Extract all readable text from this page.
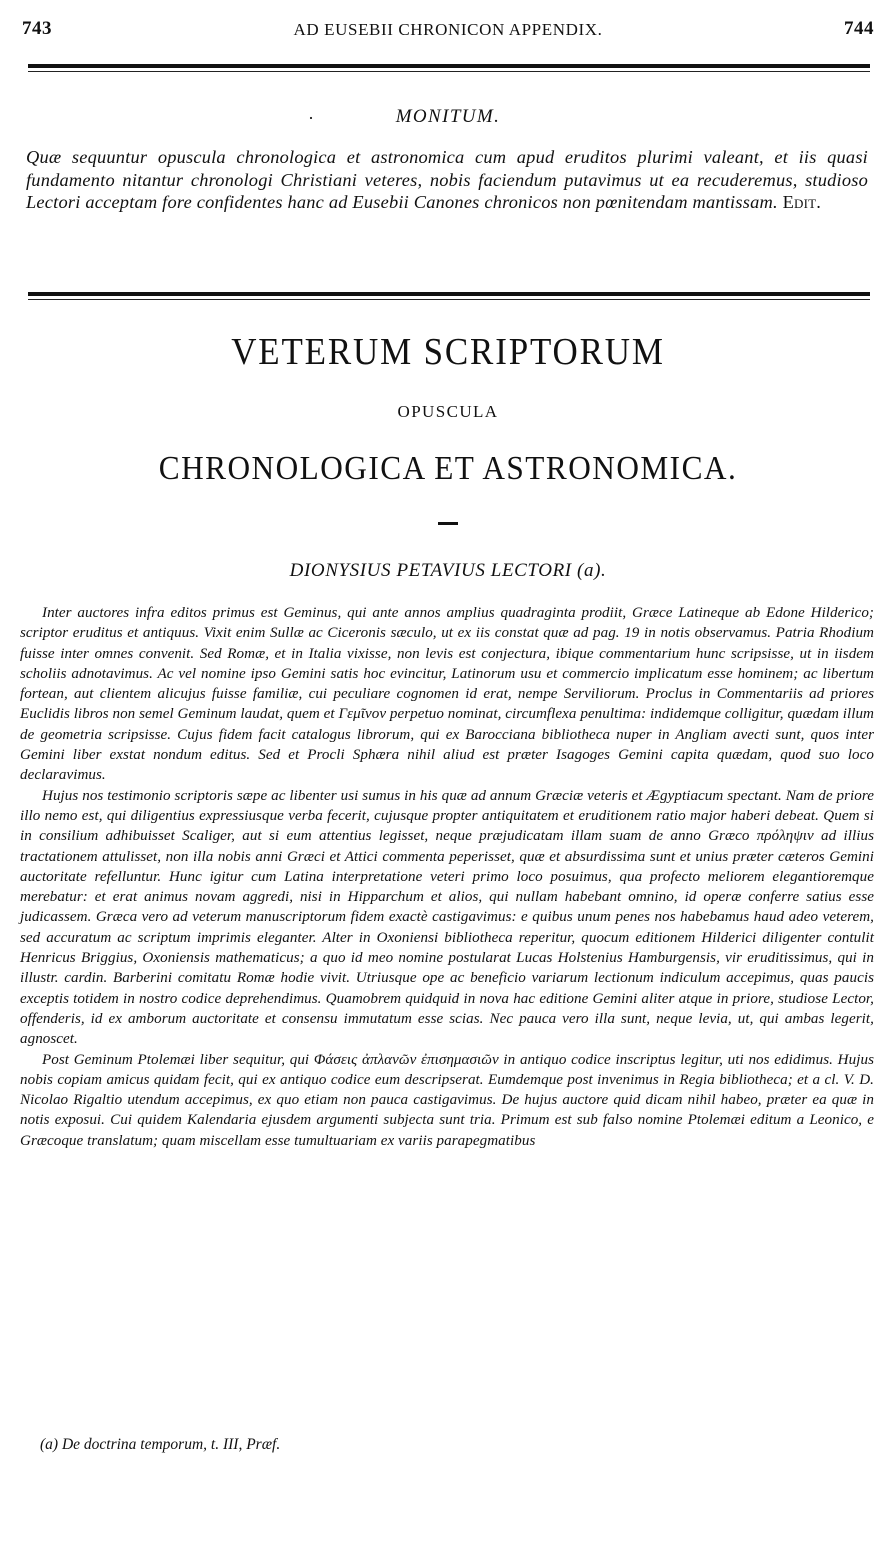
743	AD EUSEBII CHRONICON APPENDIX.	744
·	MONITUM.
Quæ sequuntur opuscula chronologica et astronomica cum apud eruditos plurimi valeant, et iis quasi fundamento nitantur chronologi Christiani veteres, nobis faciendum putavimus ut ea recuderemus, studioso Lectori acceptam fore confidentes hanc ad Eusebii Canones chronicos non pœnitendam mantissam. Edit.
VETERUM SCRIPTORUM
OPUSCULA
CHRONOLOGICA ET ASTRONOMICA.
DIONYSIUS PETAVIUS LECTORI (a).

Inter auctores infra editos primus est Geminus, qui ante annos amplius quadraginta prodiit, Græce Latineque ab Edone Hilderico; scriptor eruditus et antiquus. Vixit enim Sullæ ac Ciceronis sæculo, ut ex iis constat quæ ad pag. 19 in notis observamus. Patria Rhodium fuisse inter omnes convenit. Sed Romæ, et in Italia vixisse, non levis est conjectura, ibique commentarium hunc scripsisse, ut in iisdem scholiis adnotavimus. Ac vel nomine ipso Gemini satis hoc evincitur, Latinorum usu et commercio implicatum esse hominem; ac libertum fortean, aut clientem alicujus fuisse familiæ, cui peculiare cognomen id erat, nempe Serviliorum. Proclus in Commentariis ad priores Euclidis libros non semel Geminum laudat, quem et Γεμῖνον perpetuo nominat, circumflexa penultima: indidemque colligitur, quædam illum de geometria scripsisse. Cujus fidem facit catalogus librorum, qui ex Barocciana bibliotheca nuper in Angliam avecti sunt, quos inter Gemini liber exstat nondum editus. Sed et Procli Sphæra nihil aliud est præter Isagoges Gemini capita quædam, quod suo loco declaravimus.

Hujus nos testimonio scriptoris sæpe ac libenter usi sumus in his quæ ad annum Græciæ veteris et Ægyptiacum spectant. Nam de priore illo nemo est, qui diligentius expressiusque verba fecerit, cujusque propter antiquitatem et eruditionem ratio major haberi debeat. Quem si in consilium adhibuisset Scaliger, aut si eum attentius legisset, neque præjudicatam illam suam de anno Græco πρόληψιν ad illius tractationem attulisset, non illa nobis anni Græci et Attici commenta peperisset, quæ et absurdissima sunt et unius præter cæteros Gemini auctoritate refelluntur. Hunc igitur cum Latina interpretatione veteri primo loco posuimus, qua profecto meliorem elegantioremque merebatur: et erat animus novam aggredi, nisi in Hipparchum et alios, qui nullam habebant omnino, id operæ conferre satius esse judicassem. Græca vero ad veterum manuscriptorum fidem exactè castigavimus: e quibus unum penes nos habebamus haud adeo veterem, sed accuratum ac scriptum imprimis eleganter. Alter in Oxoniensi bibliotheca reperitur, quocum editionem Hilderici diligenter contulit Henricus Briggius, Oxoniensis mathematicus; a quo id meo nomine postularat Lucas Holstenius Hamburgensis, vir eruditissimus, qui in illustr. cardin. Barberini comitatu Romæ hodie vivit. Utriusque ope ac beneficio variarum lectionum indiculum accepimus, quas paucis exceptis totidem in nostro codice deprehendimus. Quamobrem quidquid in nova hac editione Gemini aliter atque in priore, studiose Lector, offenderis, id ex amborum auctoritate et consensu immutatum esse scias. Nec pauca vero illa sunt, neque levia, ut, qui ambas legerit, agnoscet.

Post Geminum Ptolemæi liber sequitur, qui Φάσεις ἀπλανῶν ἐπισημασιῶν in antiquo codice inscriptus legitur, uti nos edidimus. Hujus nobis copiam amicus quidam fecit, qui ex antiquo codice eum descripserat. Eumdemque post invenimus in Regia bibliotheca; et a cl. V. D. Nicolao Rigaltio utendum accepimus, ex quo etiam non pauca castigavimus. De hujus auctore quid dicam nihil habeo, præter ea quæ in notis exposui. Cui quidem Kalendaria ejusdem argumenti subjecta sunt tria. Primum est sub falso nomine Ptolemæi editum a Leonico, e Græcoque translatum; quam miscellam esse tumultuariam ex variis parapegmatibus

(a) De doctrina temporum, t. III, Præf.
